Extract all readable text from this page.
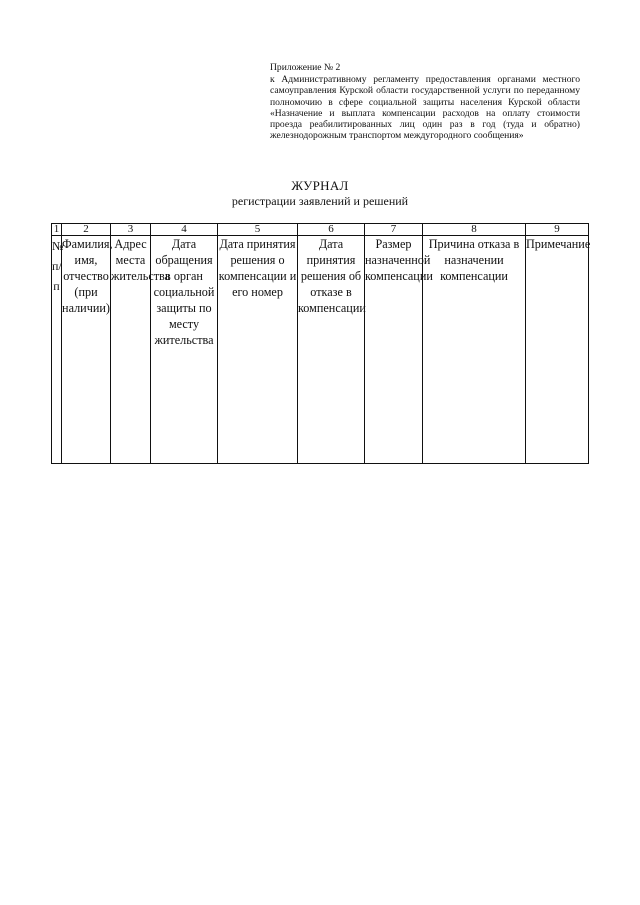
Приложение № 2
к Административному регламенту предоставления органами местного самоуправления Курской области государственной услуги по переданному полномочию в сфере социальной защиты населения Курской области «Назначение и выплата компенсации расходов на оплату стоимости проезда реабилитированных лиц один раз в год (туда и обратно) железнодорожным транспортом междугородного сообщения»
ЖУРНАЛ
регистрации заявлений и решений
1	2	3	4	5	6	7	8	9
№ п/п	Фамилия, имя, отчество (при наличии)	Адрес места жительства	Дата обращения в орган социальной защиты по месту жительства	Дата принятия решения о компенсации и его номер	Дата принятия решения об отказе в компенсации	Размер назначенной компенсации	Причина отказа в назначении компенсации	Примечание
